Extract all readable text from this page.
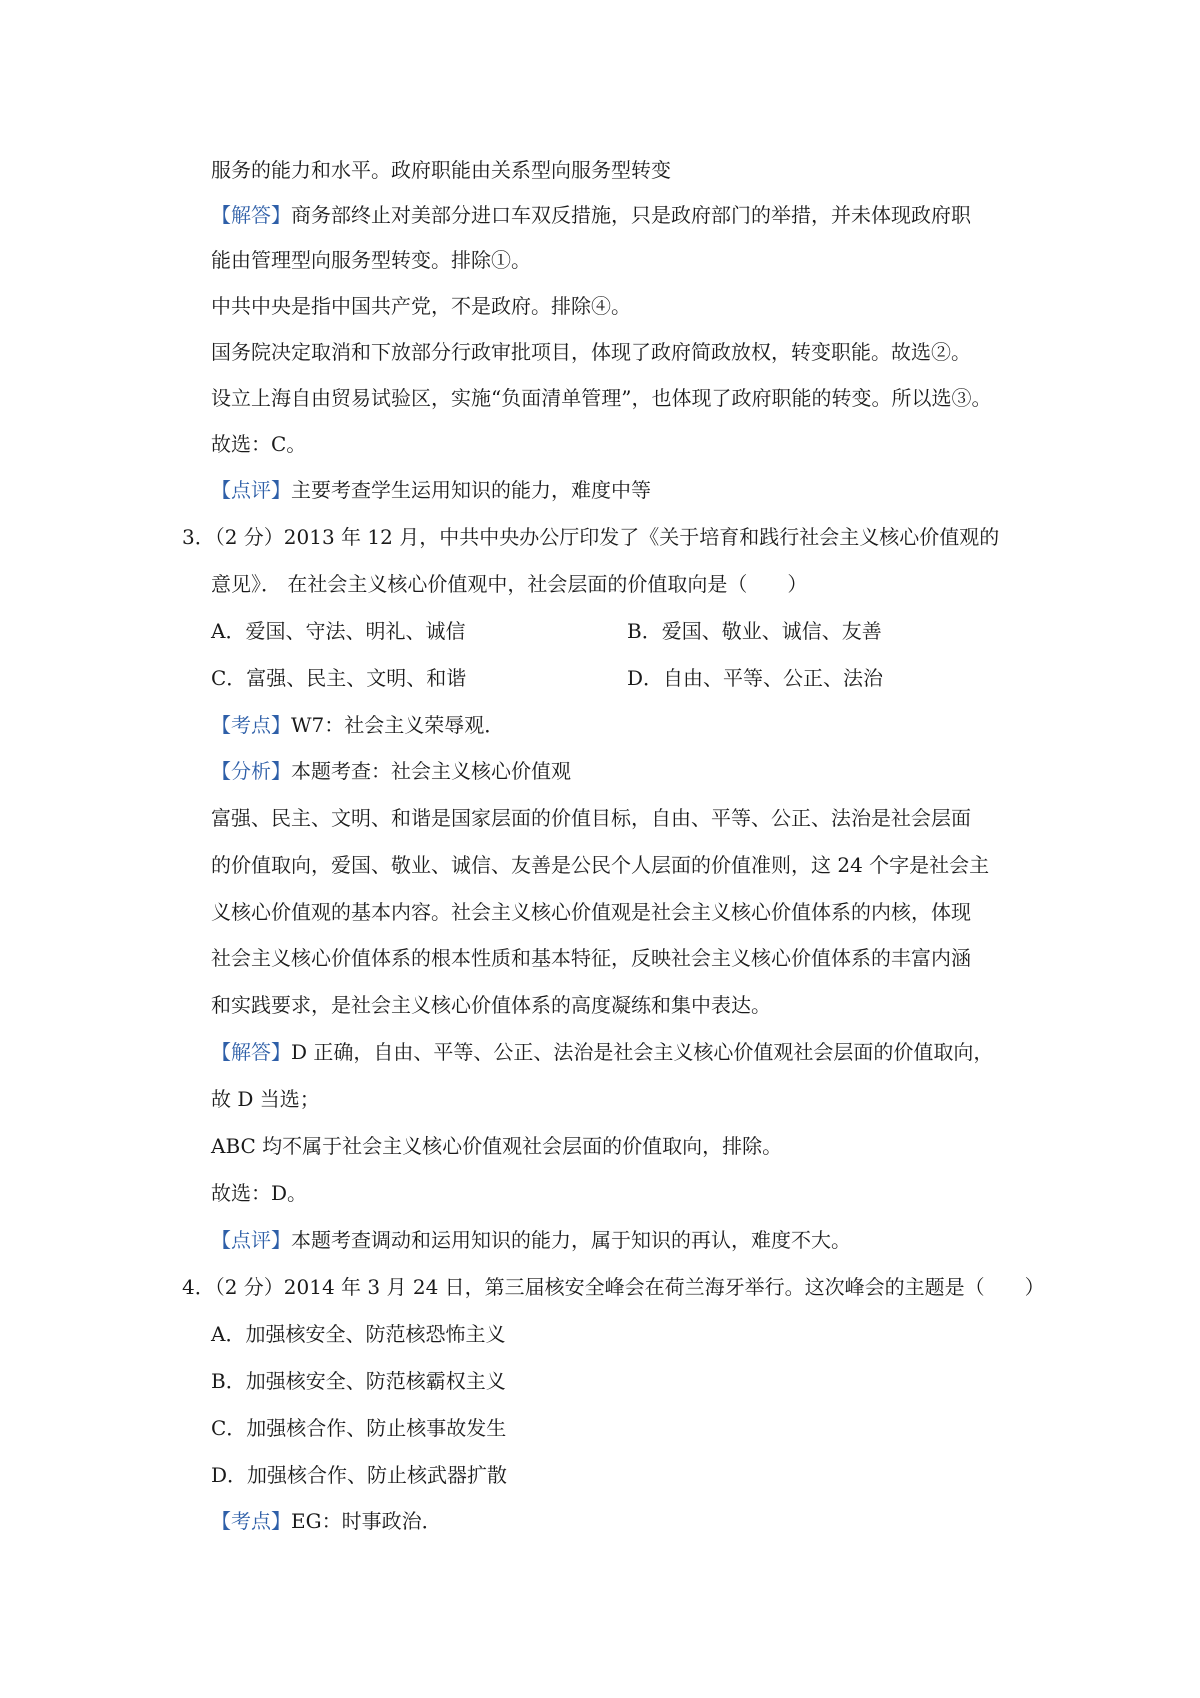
服务的能力和水平。政府职能由关系型向服务型转变
【解答】商务部终止对美部分进口车双反措施，只是政府部门的举措，并未体现政府职
能由管理型向服务型转变。排除①。
中共中央是指中国共产党，不是政府。排除④。
国务院决定取消和下放部分行政审批项目，体现了政府简政放权，转变职能。故选②。
设立上海自由贸易试验区，实施“负面清单管理”，也体现了政府职能的转变。所以选③。
故选：C。
【点评】主要考查学生运用知识的能力，难度中等
3．（2 分）2013 年 12 月，中共中央办公厅印发了《关于培育和践行社会主义核心价值观的
意见》． 在社会主义核心价值观中，社会层面的价值取向是（　　）
A．爱国、守法、明礼、诚信	B．爱国、敬业、诚信、友善
C．富强、民主、文明、和谐	D．自由、平等、公正、法治
【考点】W7：社会主义荣辱观．
【分析】本题考查：社会主义核心价值观
富强、民主、文明、和谐是国家层面的价值目标，自由、平等、公正、法治是社会层面
的价值取向，爱国、敬业、诚信、友善是公民个人层面的价值准则，这 24 个字是社会主
义核心价值观的基本内容。社会主义核心价值观是社会主义核心价值体系的内核，体现
社会主义核心价值体系的根本性质和基本特征，反映社会主义核心价值体系的丰富内涵
和实践要求，是社会主义核心价值体系的高度凝练和集中表达。
【解答】D 正确，自由、平等、公正、法治是社会主义核心价值观社会层面的价值取向，
故 D 当选；
ABC 均不属于社会主义核心价值观社会层面的价值取向，排除。
故选：D。
【点评】本题考查调动和运用知识的能力，属于知识的再认，难度不大。
4．（2 分）2014 年 3 月 24 日，第三届核安全峰会在荷兰海牙举行。这次峰会的主题是（　　）
A．加强核安全、防范核恐怖主义
B．加强核安全、防范核霸权主义
C．加强核合作、防止核事故发生
D．加强核合作、防止核武器扩散
【考点】EG：时事政治．
